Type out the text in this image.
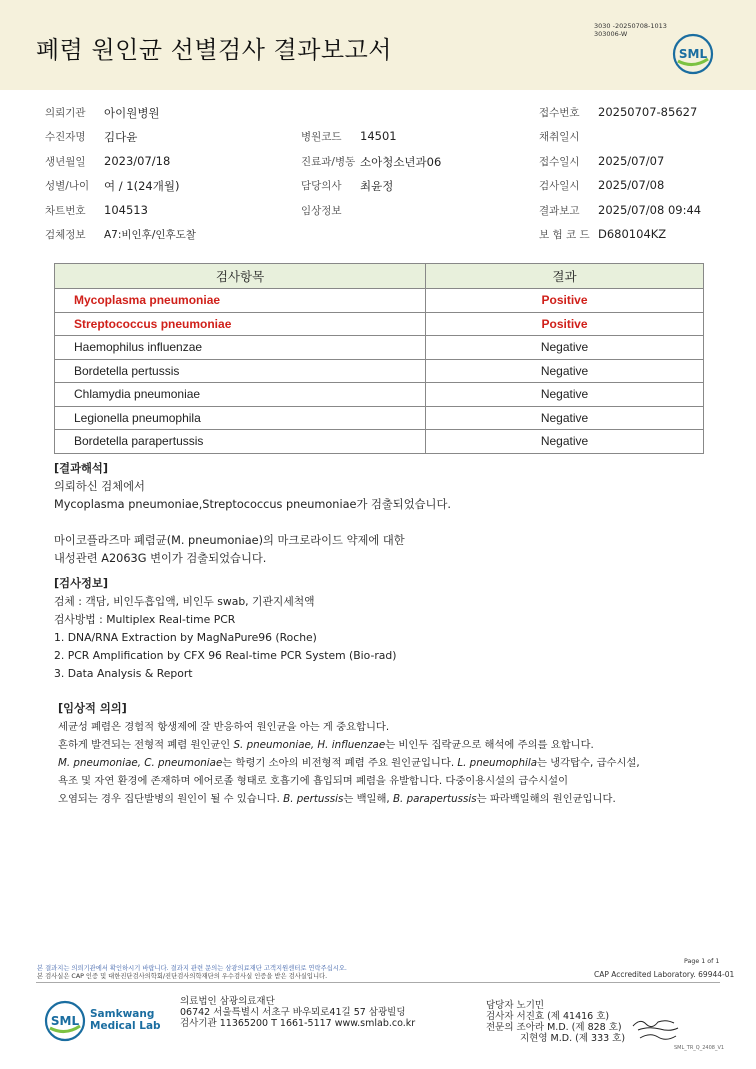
폐렴 원인균 선별검사 결과보고서
3030 -20250708-1013
303006-W
SML
의뢰기관 아이원병원	접수번호 20250707-85627
수진자명 김다윤	병원코드 14501	채취일시
생년월일 2023/07/18	진료과/병동 소아청소년과06	접수일시 2025/07/07
성별/나이 여 / 1(24개월)	담당의사 최윤정	검사일시 2025/07/08
차트번호 104513	임상정보	결과보고 2025/07/08 09:44
검체정보 A7:비인후/인후도찰	보 험 코 드 D680104KZ
검사항목	결과
Mycoplasma pneumoniae	Positive
Streptococcus pneumoniae	Positive
Haemophilus influenzae	Negative
Bordetella pertussis	Negative
Chlamydia pneumoniae	Negative
Legionella pneumophila	Negative
Bordetella parapertussis	Negative
[결과해석]
의뢰하신 검체에서
Mycoplasma pneumoniae,Streptococcus pneumoniae가 검출되었습니다.
마이코플라즈마 폐렴균(M. pneumoniae)의 마크로라이드 약제에 대한
내성관련 A2063G 변이가 검출되었습니다.
[검사정보]
검체 : 객담, 비인두흡입액, 비인두 swab, 기관지세척액
검사방법 : Multiplex Real-time PCR
1. DNA/RNA Extraction by MagNaPure96 (Roche)
2. PCR Amplification by CFX 96 Real-time PCR System (Bio-rad)
3. Data Analysis & Report
[임상적 의의]
세균성 폐렴은 경험적 항생제에 잘 반응하여 원인균을 아는 게 중요합니다.
흔하게 발견되는 전형적 폐렴 원인균인 S. pneumoniae, H. influenzae는 비인두 집락균으로 해석에 주의를 요합니다.
M. pneumoniae, C. pneumoniae는 학령기 소아의 비전형적 폐렴 주요 원인균입니다. L. pneumophila는 냉각탑수, 급수시설,
욕조 및 자연 환경에 존재하며 에어로졸 형태로 호흡기에 흡입되며 폐렴을 유발합니다. 다중이용시설의 급수시설이
오염되는 경우 집단발병의 원인이 될 수 있습니다. B. pertussis는 백일해, B. parapertussis는 파라백일해의 원인균입니다.
본 결과지는 의뢰기관에서 확인하시기 바랍니다. 결과지 관련 문의는 삼광의료재단 고객지원센터로 연락주십시오.
본 검사실은 CAP 인증 및 대한진단검사의학회/진단검사의학재단의 우수검사실 인증을 받은 검사실입니다.
Page 1 of 1
CAP Accredited Laboratory. 69944-01
SML Samkwang
Medical Lab
의료법인 삼광의료재단
06742 서울특별시 서초구 바우뫼로41길 57 삼광빌딩
검사기관 11365200 T 1661-5117 www.smlab.co.kr
담당자 노기민
검사자 서진효 (제 41416 호)
전문의 조아라 M.D. (제 828 호)
지현영 M.D. (제 333 호)
SML_TR_Q_2408_V1
